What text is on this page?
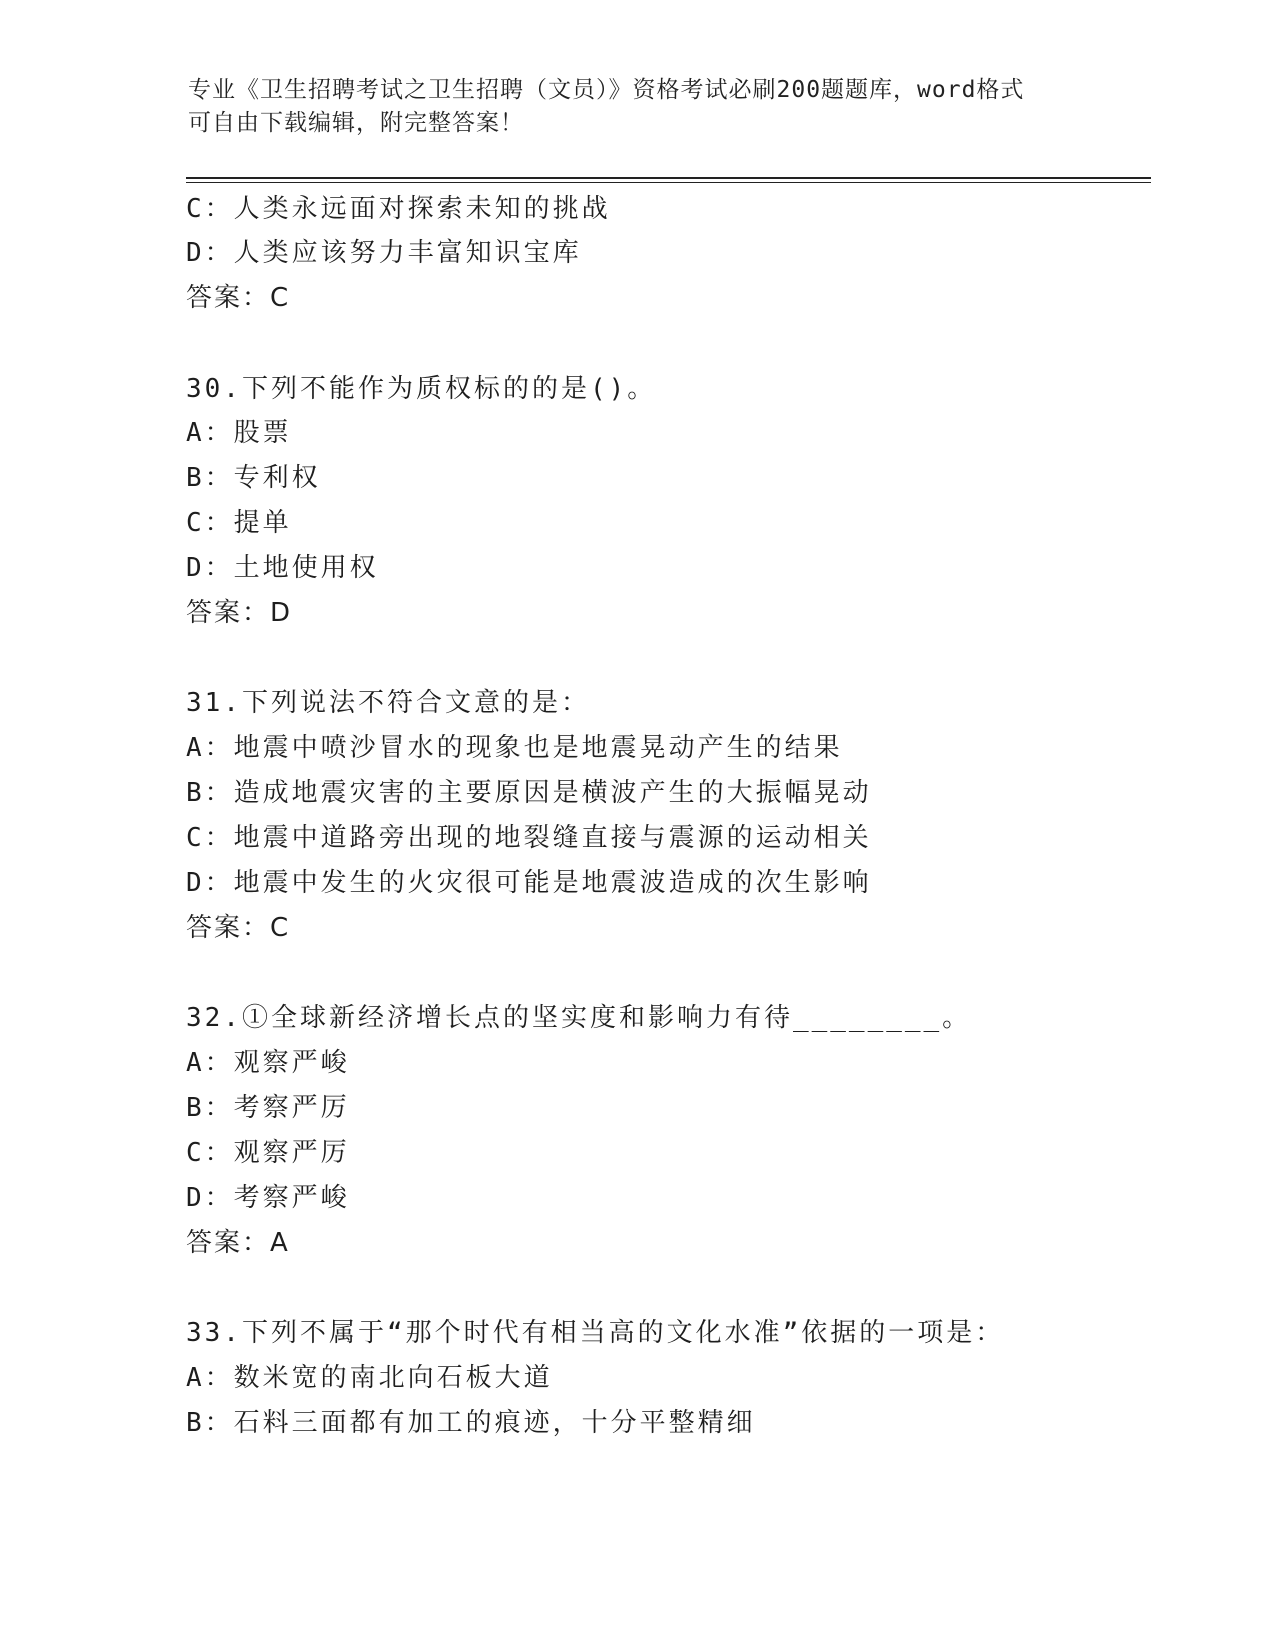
专业《卫生招聘考试之卫生招聘（文员）》资格考试必刷200题题库，word格式
可自由下载编辑，附完整答案！
C：人类永远面对探索未知的挑战
D：人类应该努力丰富知识宝库
答案：C
30.下列不能作为质权标的的是()。
A：股票
B：专利权
C：提单
D：土地使用权
答案：D
31.下列说法不符合文意的是：
A：地震中喷沙冒水的现象也是地震晃动产生的结果
B：造成地震灾害的主要原因是横波产生的大振幅晃动
C：地震中道路旁出现的地裂缝直接与震源的运动相关
D：地震中发生的火灾很可能是地震波造成的次生影响
答案：C
32.①全球新经济增长点的坚实度和影响力有待________。
A：观察严峻
B：考察严厉
C：观察严厉
D：考察严峻
答案：A
33.下列不属于“那个时代有相当高的文化水准”依据的一项是：
A：数米宽的南北向石板大道
B：石料三面都有加工的痕迹，十分平整精细
